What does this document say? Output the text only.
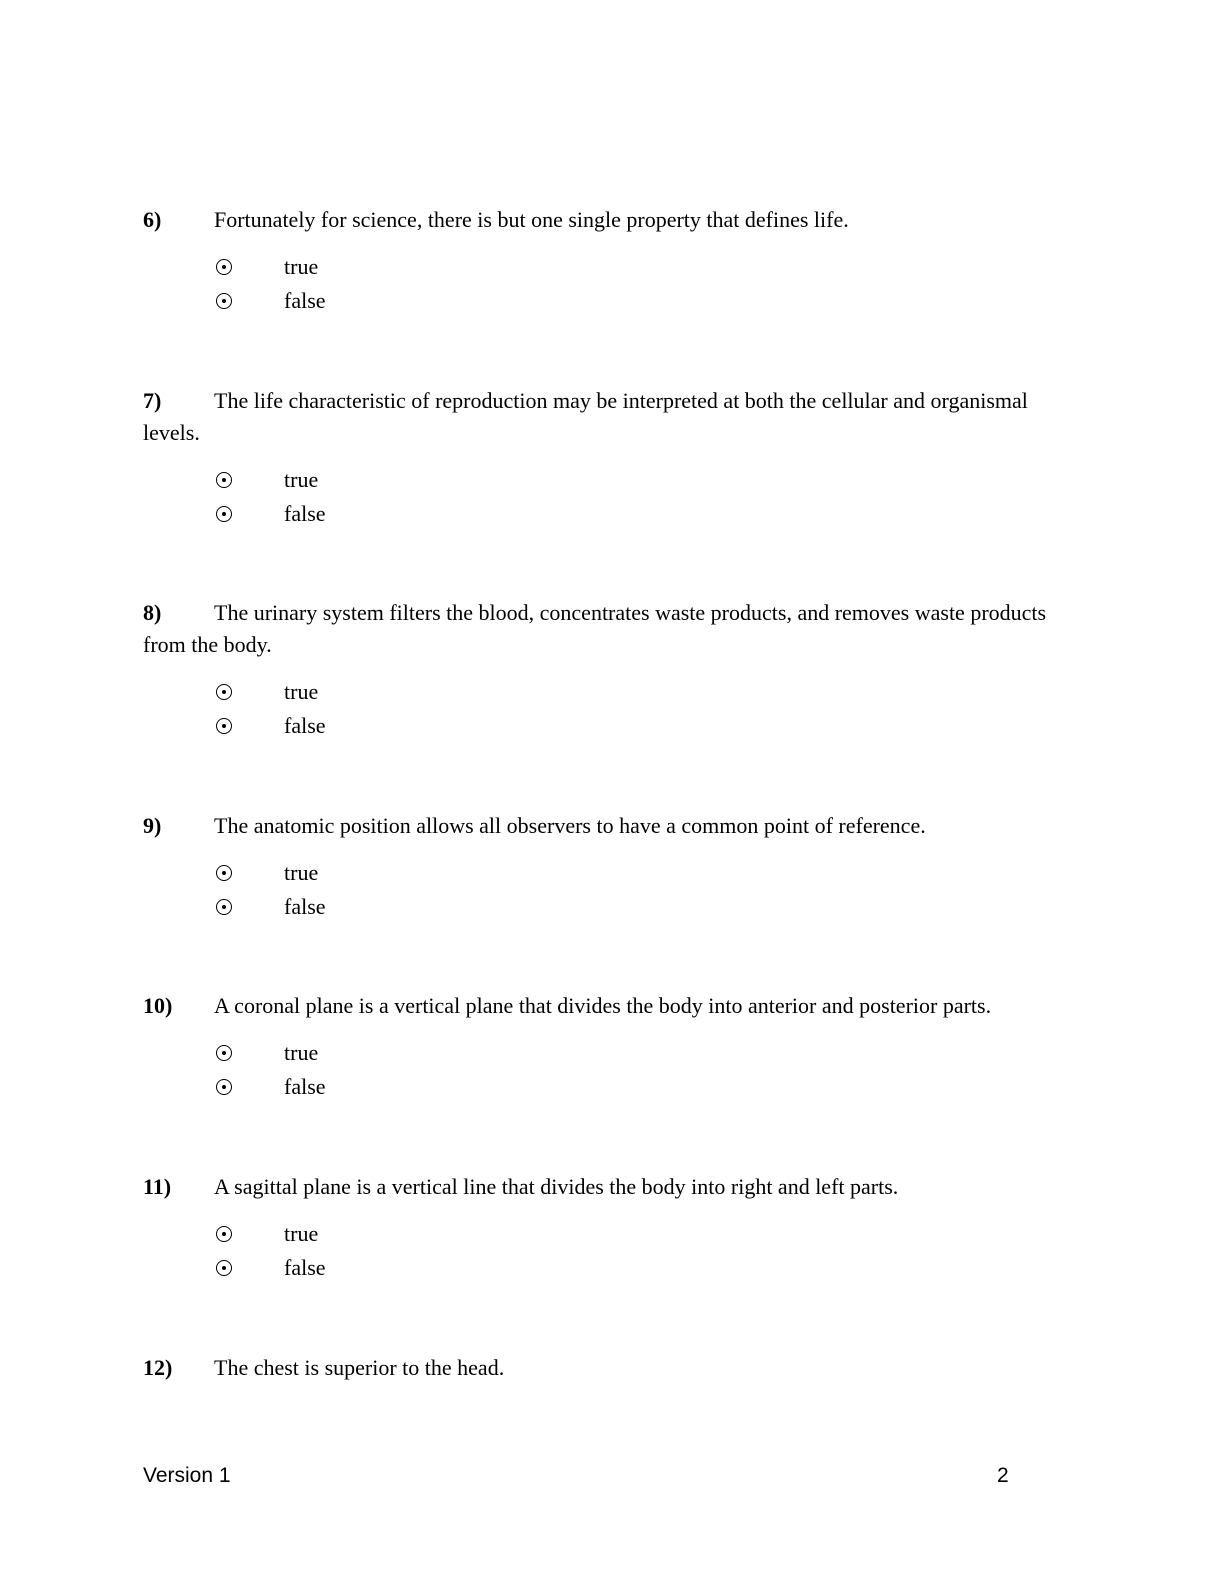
6) Fortunately for science, there is but one single property that defines life.

true
false

7) The life characteristic of reproduction may be interpreted at both the cellular and organismal levels.

true
false

8) The urinary system filters the blood, concentrates waste products, and removes waste products from the body.

true
false

9) The anatomic position allows all observers to have a common point of reference.

true
false

10) A coronal plane is a vertical plane that divides the body into anterior and posterior parts.

true
false

11) A sagittal plane is a vertical line that divides the body into right and left parts.

true
false

12) The chest is superior to the head.

Version 1	2
